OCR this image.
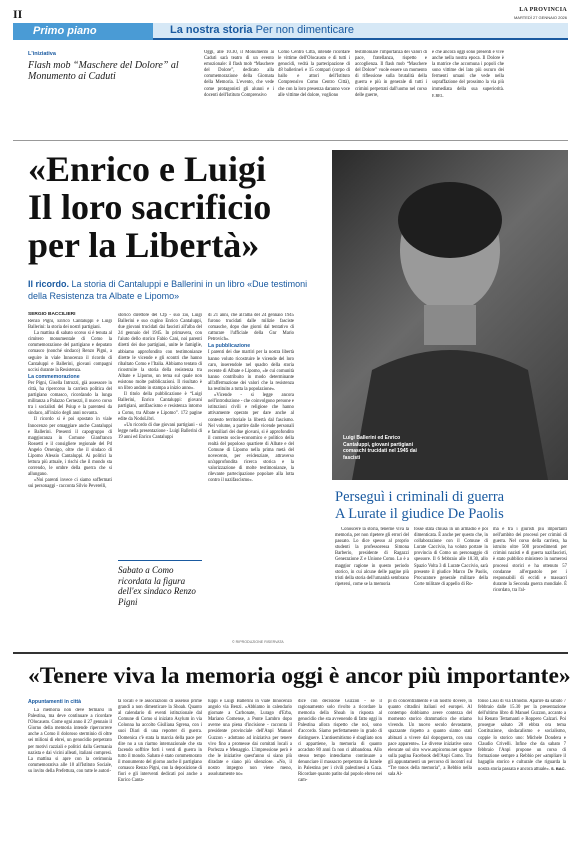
II	LA PROVINCIA
MARTEDÌ 27 GENNAIO 2026
Primo piano	La nostra storia Per non dimenticare
L'iniziativa
Flash mob “Maschere del Dolore” al Monumento ai Caduti
Oggi, alle 10.30, il Monumento ai Caduti sarà teatro di un evento emozionale: il flash mob “Maschere del Dolore”, dedicato alla commemorazione della Giornata della Memoria. L'evento, che vede come protagonisti gli alunni e i docenti dell'Istituto Comprensivo
Como Centro Città, intende ricordare le vittime dell'Olocausto e di tutti i genocidi, vedrà la partecipazione di 48 ballerine/i e 15 compari (corpo di ballo e attori dell'Istituto Comprensivo Como Centro Città), che con la loro presenza daranno voce alle vittime del dolore, vogliono
testimoniare l'importanza dei valori di pace, fratellanza, rispetto e accoglienza. Il flash mob “Maschere del Dolore” vuole essere un momento di riflessione sulla brutalità della guerra e più in generale di tutti i crimini perpetrati dall'uomo nel corso delle guerre,
e che ancora oggi sono presenti e vive anche nella nostra epoca. Il Dolore è la matrice che accomuna i popoli che sono vittime dei lato più oscuro dei fermenti umani che vede nella sopraffazione del prossimo la via più immediata della sua superiorità. E.BEL.
«Enrico e Luigi
Il loro sacrificio
per la Libertà»
Il ricordo. La storia di Cantaluppi e Ballerini in un libro «Due testimoni della Resistenza tra Albate e Lipomo»
Luigi Ballerini ed Enrico Cantaluppi, giovani partigiani comaschi trucidati nel 1945 dai fascisti
SERGIO BACCILIERI

Renzo Pigni, Enrico Cantaluppi e Luigi Ballerini: la storia dei nostri partigiani.

La mattina di sabato scorso si è tenuta al cimitero monumentale di Como la commemorazione del partigiano e deputato comasco (nonché sindaco) Renzo Pigni, a seguire in viale Innocenzo il ricordo di Cantaluppi e Ballerini, giovani compagni uccisi durante la Resistenza.

La commemorazione

Per Pigni, Gisella Introzzi, già assessore in città, ha ripercorso la carriera politica del partigiano comasco, ricordando la lunga militanza a Palazzo Cernezzi, il nuovo corso tra i socialisti del Psiup e la parentesi da sindaco, all'inizio degli anni novanta.

Il ricordo si è poi spostato in viale Innocenzo per omaggiare anche Cantaluppi e Ballerini. Presenti il capogruppo di maggioranza in Comune Gianfranco Rossetti e il consigliere regionale del Pd Angelo Orsenigo, oltre che il sindaco di Lipomo Alessio Cantaluppi. Ai politici la lettura più attuale, i rischi che il mondo sta correndo, le ombre della guerra che si allungano.

«Noi parenti invece ci siamo soffermati sui personaggi - racconta Silvio Peverelli,

storico direttore del Cfp - suo zio, Luigi Ballerini e suo cugino Enrico Cantaluppi, due giovani trucidati dai fascisti all'alba del 24 gennaio del 1945. In primavera, con l'aiuto dello storico Fabio Cani, noi parenti diretti dei due partigiani, unite le famiglie, abbiamo approfondito con testimonianze dirette le vicende e gli scontri che hanno ribaltato Como e l'Italia. Abbiamo tentato di ricostruire la storia della resistenza tra Albate e Lipomo, un tema sul quale non esistono molte pubblicazioni. Il risultato è un libro andato in stampa a inizio anno».

Il titolo della pubblicazione è “Luigi Ballerini, Enrico Cantaluppi: giovani partigiani, antifascismo e resistenza intorno a Como, tra Albate e Lipomo”. 172 pagine edite da NodoLibri.

«Un ricordo di due giovani partigiani - si legge nella presentazione - Luigi Ballerini di 19 anni ed Enrico Cantaluppi

Sabato a Como ricordata la figura dell'ex sindaco Renzo Pigni

di 21 anni, che all'alba del 24 gennaio 1945 furono trucidati dalle milizie fasciste comasche, dopo due giorni dal tentativo di catturare l'ufficiale della Gnr Mario Petrovich».

La pubblicazione

I parenti dei due martiri per la nostra libertà hanno voluto ricostruire le vicende del loro caro, inserendole nel quadro della storia recente di Albate e Lipomo, «le cui comunità hanno contribuito in modo determinante all'affermazione dei valori che la resistenza ha restituito a tutta la popolazione».

«Vicende - si legge ancora nell'introduzione - che coinvolgono persone e istituzioni civili e religiose che hanno attivamente operato per dare anche al contesto territoriale la libertà dal fascismo. Nel volume, a partire dalle vicende personali e familiari dei due giovani, si è approfondito il contesto socio-economico e politico della realtà del popoloso quartiere di Albate e del Comune di Lipomo nella prima metà del novecento, per evidenziare, attraverso un'approfondita ricerca storica e la valorizzazione di molte testimonianze, la rilevante partecipazione popolare alla lotta contro il nazifascismo».

© RIPRODUZIONE RISERVATA
Perseguì i criminali di guerra
A Lurate il giudice De Paolis
Conoscere la storia, tenerne viva la memoria, per non ripetere gli errori del passato. Lo dice spesso al proprio studenti la professoressa Simona Barberio, presidente di Ragazzi Generazione Z e Unione Como. Lo è a maggior ragione in questo periodo storico, in cui alcune delle pagine più tristi della storia dell'umanità sembrano ripetersi, come se la memoria
fosse stata chiusa in un armadio e poi dimenticata. È anche per questo che, in collaborazione con il Comune di Lurate Caccivio, ha voluto portare in provincia di Como un personaggio di spessore. Il 6 febbraio alle 18.30, allo Spazio Volta 3 di Lurate Caccivio, sarà presente il giudice Marco De Paolis, Procuratore generale militare della Corte militare di appello di Ro-
ma e tra i giuristi più importanti nell'ambito dei processi per crimini di guerra. Nel corso della carriera, ha istruito oltre 500 procedimenti per crimini nazisti e di guerra nazifascisti, è stato pubblico ministero in numerosi processi storici e ha ottenuto 57 condanne all'ergastolo per i responsabili di eccidi e massacri durante la Seconda guerra mondiale. È ricordato, tra l'al-
«Tenere viva la memoria oggi è ancor più importante»
Appuntamenti in città
La memoria non deve fermarsi in Palestina, ma deve continuare a ricordare l'Olocausto. Come ogni anno il 27 gennaio il Giorno della memoria intende ripercorrere anche a Como il doloroso sterminio di oltre sei milioni di ebrei, un genocidio perpetrato per motivi razziali e politici dalla Germania nazista e dai vicini alleati, italiani compresi. La mattina si apre con la cerimonia commemorativa alle 10 all'Istituto Sociale, su invito della Prefettura, con tutte le autori-
tà locali e le associazioni di assenso prime grandi a non dimenticare la Shoah. Quanto al calendario di eventi istituzionale dal Comune di Como si iniziato Asylum in via Colonna ha accolto Gisiliana Sgrena, con i suoi Diari di una reporter di guerra. Domenica c'è stata la marcia della pace per dire no a un riarmo internazionale che sta facendo soffrire forti i venti di guerra in tutto il mondo. Sabato è stato commemorato il monumento del giorno anche il partigiano comasco Renzo Pigni, con la deposizione di fiori e gli interventi dedicati poi anche a Enrico Canta-
luppi e Luigi Ballerini in viale Innocenzo angolo via Benzi. «Abbiamo in calendario giornate a Carbonate, Lurago d'Erba, Mariano Comense, a Ponte Lambro dopo averne una piena d'incisione - racconta il presidente provinciale dell'Anpi Manuel Guzzon - adottano ad iniziativa per tenere vivo fino a promesse dai comitati locali a Porlezza e Menaggio. L'impressione però è che le iniziative quest'anno si siano più diradate e siano più silenziose. «No, il nostro impegno non viene meno, assolutamente no»
dice con decisione Guzzon - se il ragionamento solo rivolto a ricordare la memoria della Shoah in risposta al genocidio che sta avvenendo di fatto oggi in Palestina allora rispetto che noi, sono d'accordo. Siamo perfettamente in grado di distinguere. L'antisemitismo è sbagliato non ci appartiene, la memoria di quanto accaduto 80 anni fa non ci abbandona. Allo stesso tempo intendiamo continuare a denunciare il massacro perpetrato da Israele in Palestina per i civili palestinesi a Gaza. Ricordare quanto patito dal popolo ebreo nei cam-
pi di concentramento è un nostro dovere, in quanto cittadini italiani ed europei. Al contempo dobbiamo avere contezza del momento storico drammatico che stiamo vivendo. Un nuovo secolo devastante, spazzante rispetto a quanto siamo stati abituati a vivere dal dopoguerra, con una pace apparente». Le diverse iniziative sono elencate sul sito www.anpicomo.net oppure sulla pagina Facebook dell'Anpi Como. Tra gli appuntamenti un percorso di incontri sul “Tre tonos della memoria”, a Rebbio nella sala Al-
fonso Lissi di via Dinodio. Aparire da sabato 7 febbraio dalle 15.30 per la presentazione dell'ultimo libro di Manuel Guzzon, accanto a lui Renato Tettamanti e Roppero Calzari. Poi prosegue sabato 28 ebbra ora tema Costituzione, sindacalismo e socialismo, coppie lo storico uno: Michele Dondera e Claudio Crivelli. Infine che da sabato 7 febbraio l'Anpi propone un corso di formazione sempre a Rebbio per «ampliare il bagaglio storico e culturale che riguarda la nostra storia passata e ancora attuale». S. BAC.
